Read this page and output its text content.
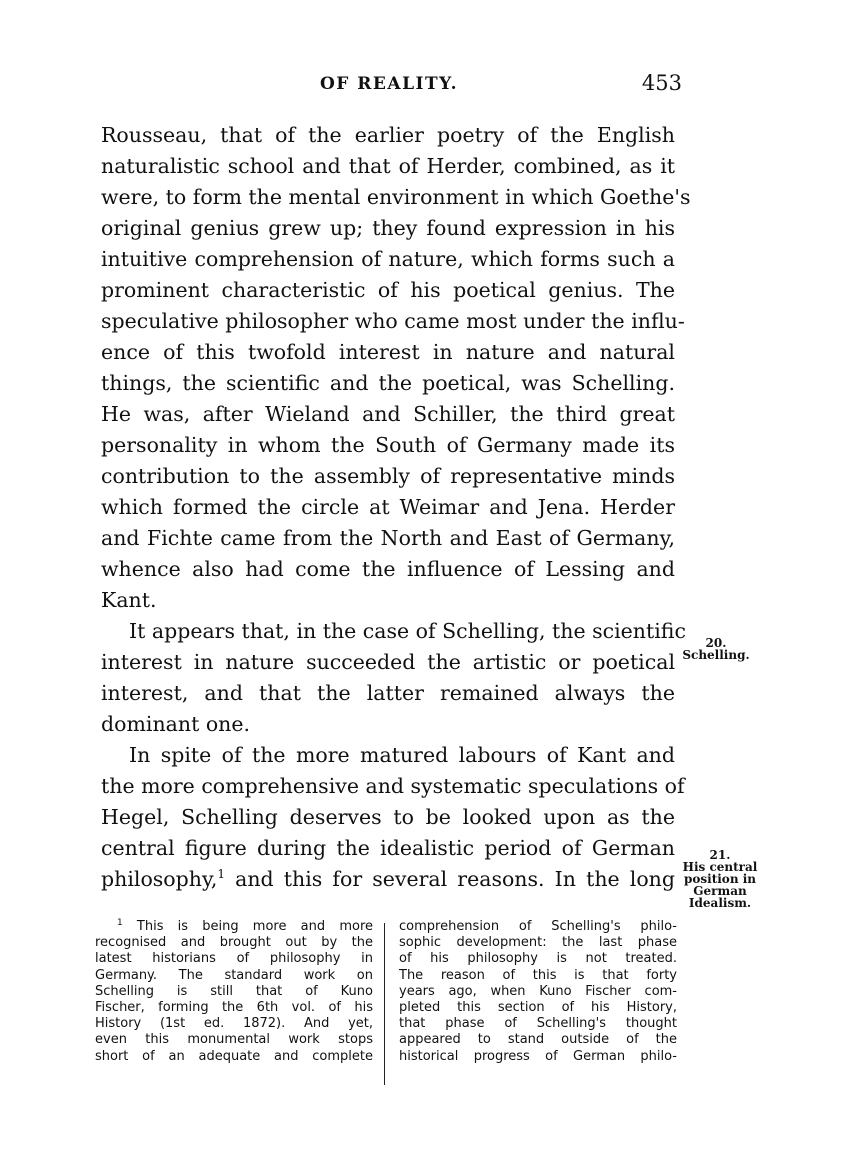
OF REALITY.	453
Rousseau, that of the earlier poetry of the English
naturalistic school and that of Herder, combined, as it
were, to form the mental environment in which Goethe's
original genius grew up; they found expression in his
intuitive comprehension of nature, which forms such a
prominent characteristic of his poetical genius. The
speculative philosopher who came most under the influ-
ence of this twofold interest in nature and natural
things, the scientific and the poetical, was Schelling.
He was, after Wieland and Schiller, the third great
personality in whom the South of Germany made its
contribution to the assembly of representative minds
which formed the circle at Weimar and Jena. Herder
and Fichte came from the North and East of Germany,
whence also had come the influence of Lessing and
Kant.
It appears that, in the case of Schelling, the scientific
interest in nature succeeded the artistic or poetical
interest, and that the latter remained always the
dominant one.
In spite of the more matured labours of Kant and
the more comprehensive and systematic speculations of
Hegel, Schelling deserves to be looked upon as the
central figure during the idealistic period of German
philosophy,$^1$ and this for several reasons. In the long
20.
Schelling.
21.
His central
position in
German
Idealism.
$^1$ This is being more and more
recognised and brought out by the
latest historians of philosophy in
Germany. The standard work on
Schelling is still that of Kuno
Fischer, forming the 6th vol. of his
History (1st ed. 1872). And yet,
even this monumental work stops
short of an adequate and complete
comprehension of Schelling's philo-
sophic development: the last phase
of his philosophy is not treated.
The reason of this is that forty
years ago, when Kuno Fischer com-
pleted this section of his History,
that phase of Schelling's thought
appeared to stand outside of the
historical progress of German philo-
